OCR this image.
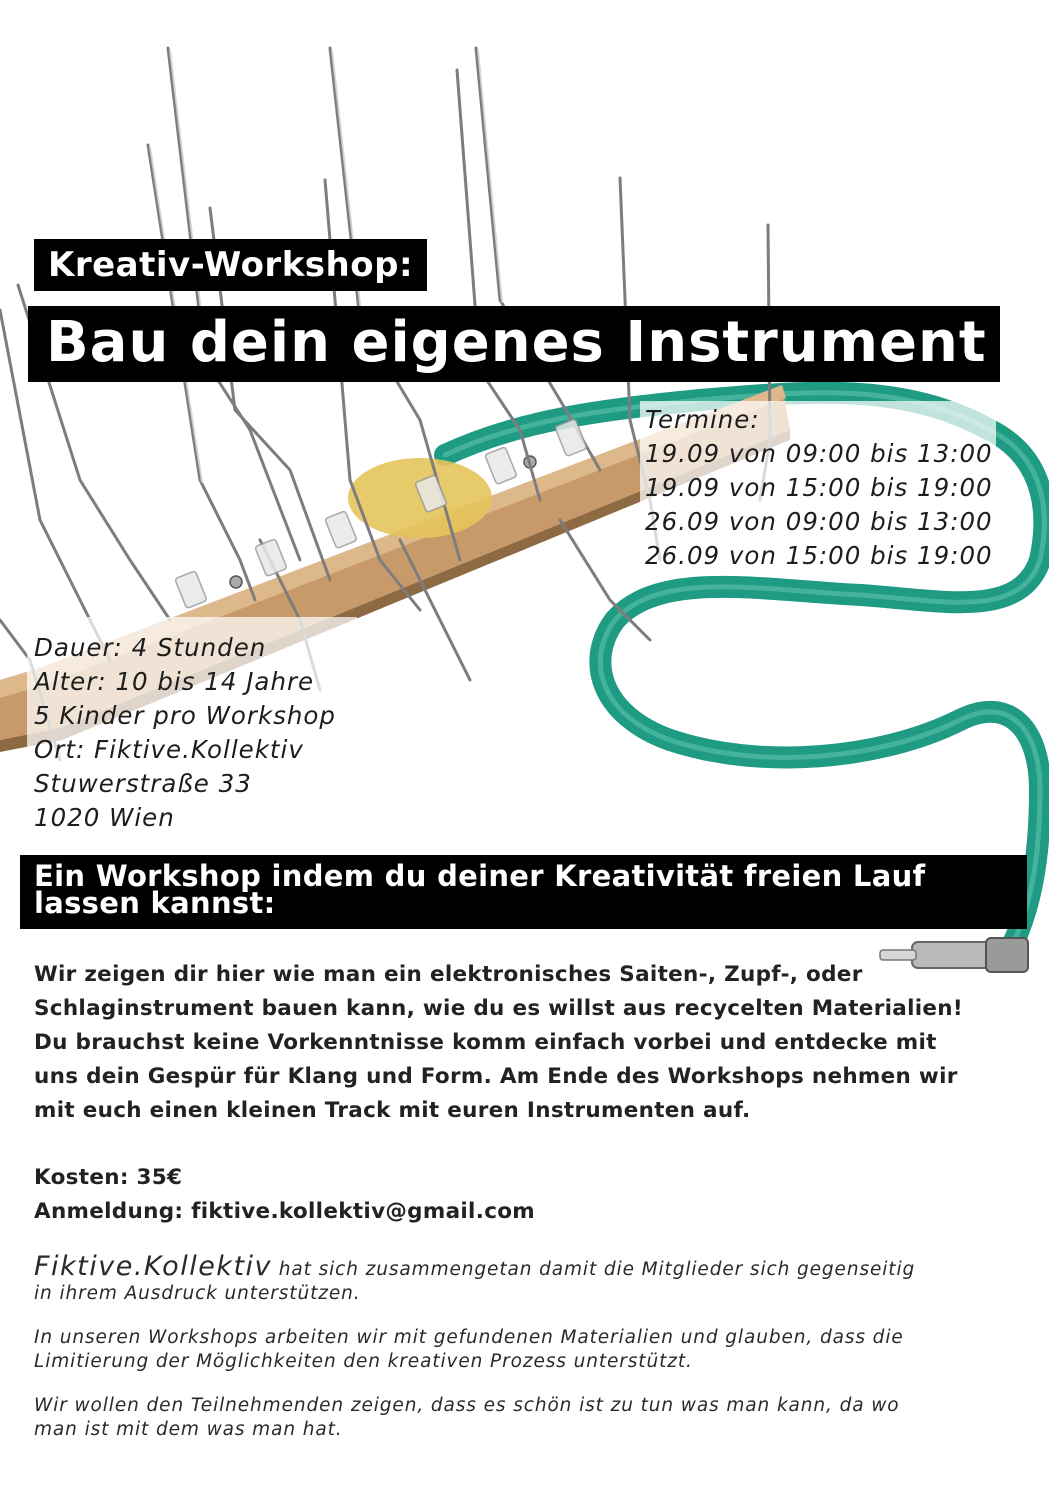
Kreativ-Workshop:
Bau dein eigenes Instrument
Termine:
19.09 von 09:00 bis 13:00
19.09 von 15:00 bis 19:00
26.09 von 09:00 bis 13:00
26.09 von 15:00 bis 19:00
Dauer: 4 Stunden
Alter: 10 bis 14 Jahre
5 Kinder pro Workshop
Ort: Fiktive.Kollektiv
Stuwerstraße 33
1020 Wien
Ein Workshop indem du deiner Kreativität freien Lauf lassen kannst:

Wir zeigen dir hier wie man ein elektronisches Saiten-, Zupf-, oder

Schlaginstrument bauen kann, wie du es willst aus recycelten Materialien!

Du brauchst keine Vorkenntnisse komm einfach vorbei und entdecke mit

uns dein Gespür für Klang und Form. Am Ende des Workshops nehmen wir

mit euch einen kleinen Track mit euren Instrumenten auf.

Kosten: 35€
Anmeldung: fiktive.kollektiv@gmail.com
Fiktive.Kollektiv hat sich zusammengetan damit die Mitglieder sich gegenseitig
in ihrem Ausdruck unterstützen.
In unseren Workshops arbeiten wir mit gefundenen Materialien und glauben, dass die
Limitierung der Möglichkeiten den kreativen Prozess unterstützt.
Wir wollen den Teilnehmenden zeigen, dass es schön ist zu tun was man kann, da wo
man ist mit dem was man hat.
